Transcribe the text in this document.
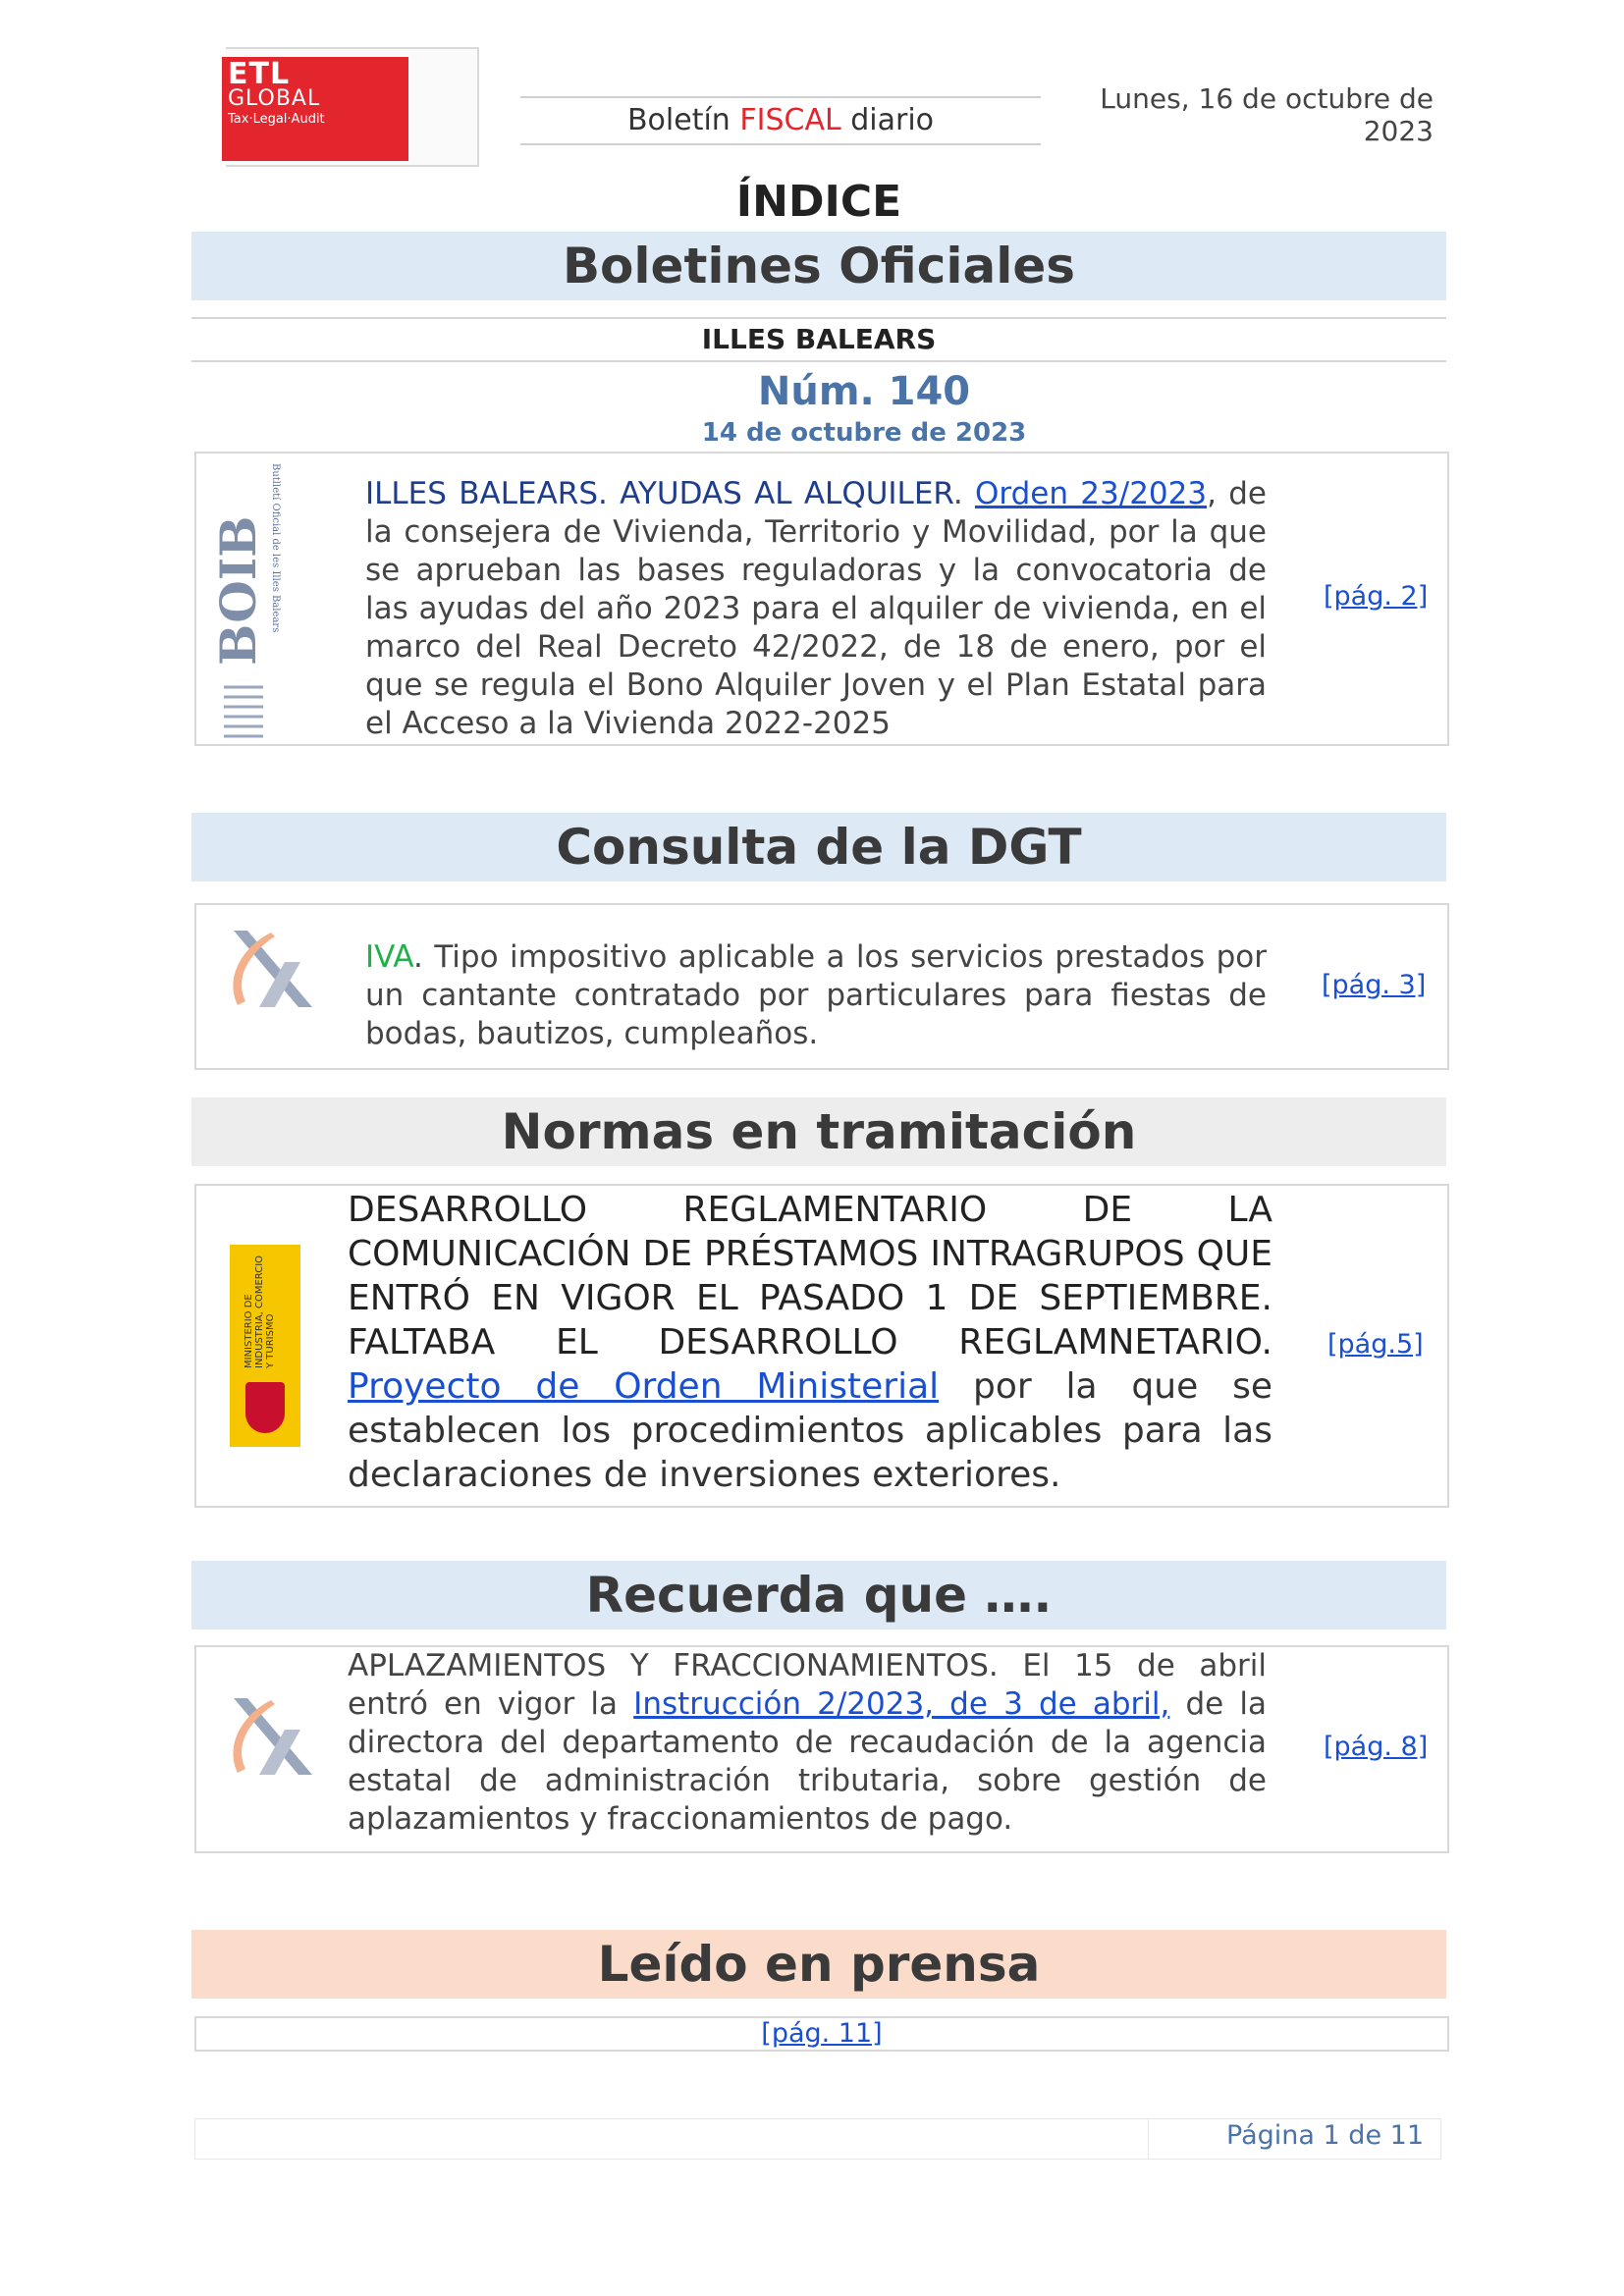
ETL
GLOBAL
Tax·Legal·Audit	Boletín FISCAL diario
Lunes, 16 de octubre de 2023
ÍNDICE
Boletines Oficiales
ILLES BALEARS
Núm. 140
14 de octubre de 2023
Butlletí Oficial de les Illes Balears
BOIB
ILLES BALEARS. AYUDAS AL ALQUILER. Orden 23/2023, de la consejera de Vivienda, Territorio y Movilidad, por la que se aprueban las bases reguladoras y la convocatoria de las ayudas del año 2023 para el alquiler de vivienda, en el marco del Real Decreto 42/2022, de 18 de enero, por el que se regula el Bono Alquiler Joven y el Plan Estatal para el Acceso a la Vivienda 2022-2025
[pág. 2]
Consulta de la DGT
IVA. Tipo impositivo aplicable a los servicios prestados por un cantante contratado por particulares para fiestas de bodas, bautizos, cumpleaños.
[pág. 3]
Normas en tramitación
MINISTERIO DE INDUSTRIA, COMERCIO Y TURISMO
DESARROLLO REGLAMENTARIO DE LA COMUNICACIÓN DE PRÉSTAMOS INTRAGRUPOS QUE ENTRÓ EN VIGOR EL PASADO 1 DE SEPTIEMBRE. FALTABA EL DESARROLLO REGLAMNETARIO. Proyecto de Orden Ministerial por la que se establecen los procedimientos aplicables para las declaraciones de inversiones exteriores.
[pág.5]
Recuerda que ….
APLAZAMIENTOS Y FRACCIONAMIENTOS. El 15 de abril entró en vigor la Instrucción 2/2023, de 3 de abril, de la directora del departamento de recaudación de la agencia estatal de administración tributaria, sobre gestión de aplazamientos y fraccionamientos de pago.
[pág. 8]
Leído en prensa
[pág. 11]
Página 1 de 11
